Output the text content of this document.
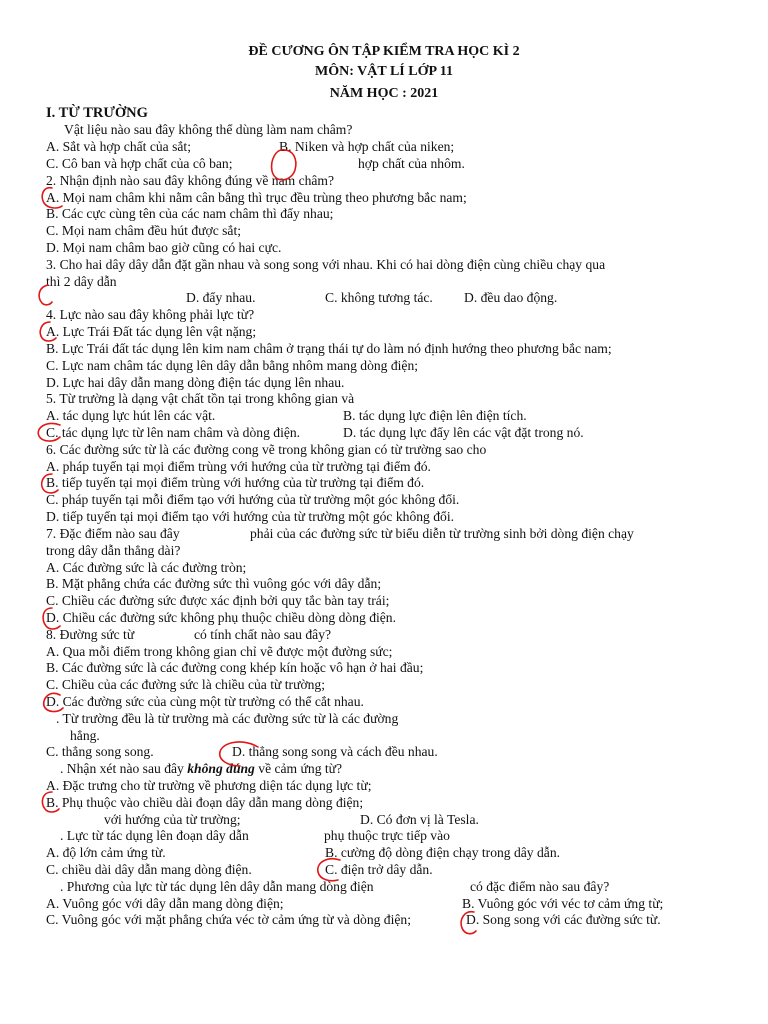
ĐỀ CƯƠNG ÔN TẬP KIỂM TRA HỌC KÌ 2
MÔN: VẬT LÍ LỚP 11
NĂM HỌC : 2021
I. TỪ TRƯỜNG
Vật liệu nào sau đây không thể dùng làm nam châm?
A. Sắt và hợp chất của sắt;	B. Niken và hợp chất của niken;
C. Cô ban và hợp chất của cô ban;	hợp chất của nhôm.
2. Nhận định nào sau đây không đúng về nam châm?
A. Mọi nam châm khi nằm cân bằng thì trục đều trùng theo phương bắc nam;
B. Các cực cùng tên của các nam châm thì đẩy nhau;
C. Mọi nam châm đều hút được sắt;
D. Mọi nam châm bao giờ cũng có hai cực.
3. Cho hai dây dây dẫn đặt gần nhau và song song với nhau. Khi có hai dòng điện cùng chiều chạy qua
thì 2 dây dẫn
D. đẩy nhau.	C. không tương tác. D. đều dao động.
4. Lực nào sau đây không phải lực từ?
A. Lực Trái Đất tác dụng lên vật nặng;
B. Lực Trái đất tác dụng lên kim nam châm ở trạng thái tự do làm nó định hướng theo phương bắc nam;
C. Lực nam châm tác dụng lên dây dẫn bằng nhôm mang dòng điện;
D. Lực hai dây dẫn mang dòng điện tác dụng lên nhau.
5. Từ trường là dạng vật chất tồn tại trong không gian và
A. tác dụng lực hút lên các vật.	B. tác dụng lực điện lên điện tích.
C. tác dụng lực từ lên nam châm và dòng điện.	D. tác dụng lực đẩy lên các vật đặt trong nó.
6. Các đường sức từ là các đường cong vẽ trong không gian có từ trường sao cho
A. pháp tuyến tại mọi điểm trùng với hướng của từ trường tại điểm đó.
B. tiếp tuyến tại mọi điểm trùng với hướng của từ trường tại điểm đó.
C. pháp tuyến tại mỗi điểm tạo với hướng của từ trường một góc không đổi.
D. tiếp tuyến tại mọi điểm tạo với hướng của từ trường một góc không đổi.
7. Đặc điểm nào sau đây	phải của các đường sức từ biểu diễn từ trường sinh bởi dòng điện chạy
trong dây dẫn thẳng dài?
A. Các đường sức là các đường tròn;
B. Mặt phẳng chứa các đường sức thì vuông góc với dây dẫn;
C. Chiều các đường sức được xác định bởi quy tắc bàn tay trái;
D. Chiều các đường sức không phụ thuộc chiều dòng dòng điện.
8. Đường sức từ	có tính chất nào sau đây?
A. Qua mỗi điểm trong không gian chỉ vẽ được một đường sức;
B. Các đường sức là các đường cong khép kín hoặc vô hạn ở hai đầu;
C. Chiều của các đường sức là chiều của từ trường;
D. Các đường sức của cùng một từ trường có thể cắt nhau.
. Từ trường đều là từ trường mà các đường sức từ là các đường
hẳng.
C. thẳng song song.	D. thẳng song song và cách đều nhau.
. Nhận xét nào sau đây không đúng về cảm ứng từ?
A. Đặc trưng cho từ trường về phương diện tác dụng lực từ;
B. Phụ thuộc vào chiều dài đoạn dây dẫn mang dòng điện;
với hướng của từ trường;	D. Có đơn vị là Tesla.
. Lực từ tác dụng lên đoạn dây dẫn	phụ thuộc trực tiếp vào
A. độ lớn cảm ứng từ.	B. cường độ dòng điện chạy trong dây dẫn.
C. chiều dài dây dẫn mang dòng điện.	C. điện trở dây dẫn.
. Phương của lực từ tác dụng lên dây dẫn mang dòng điện	có đặc điểm nào sau đây?
A. Vuông góc với dây dẫn mang dòng điện;	B. Vuông góc với véc tơ cảm ứng từ;
C. Vuông góc với mặt phẳng chứa véc tờ cảm ứng từ và dòng điện;	D. Song song với các đường sức từ.
